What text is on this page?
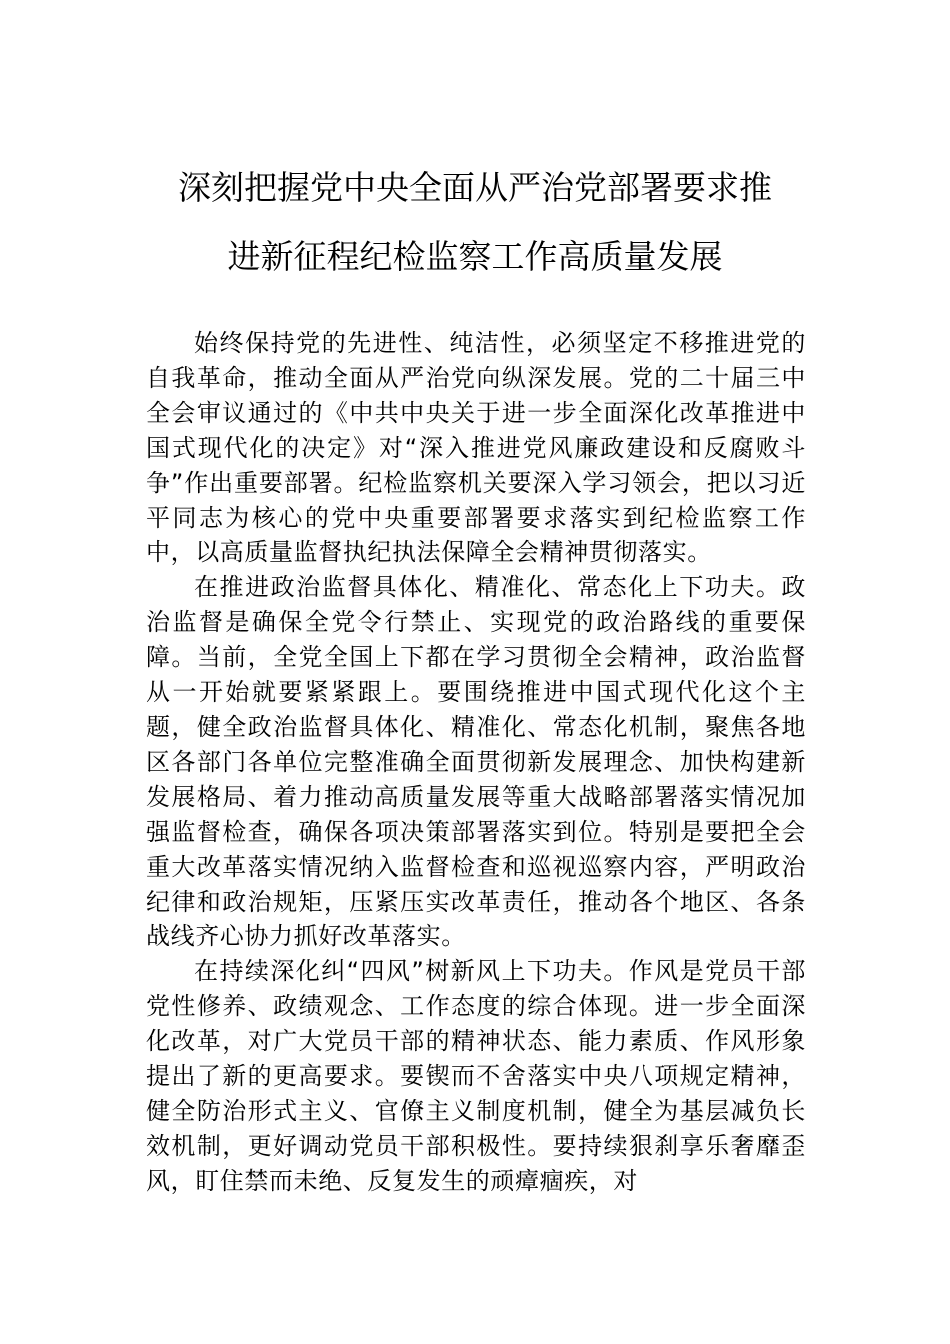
深刻把握党中央全面从严治党部署要求推
进新征程纪检监察工作高质量发展

始终保持党的先进性、纯洁性，必须坚定不移推进党的自我革命，推动全面从严治党向纵深发展。党的二十届三中全会审议通过的《中共中央关于进一步全面深化改革推进中国式现代化的决定》对“深入推进党风廉政建设和反腐败斗争”作出重要部署。纪检监察机关要深入学习领会，把以习近平同志为核心的党中央重要部署要求落实到纪检监察工作中，以高质量监督执纪执法保障全会精神贯彻落实。

在推进政治监督具体化、精准化、常态化上下功夫。政治监督是确保全党令行禁止、实现党的政治路线的重要保障。当前，全党全国上下都在学习贯彻全会精神，政治监督从一开始就要紧紧跟上。要围绕推进中国式现代化这个主题，健全政治监督具体化、精准化、常态化机制，聚焦各地区各部门各单位完整准确全面贯彻新发展理念、加快构建新发展格局、着力推动高质量发展等重大战略部署落实情况加强监督检查，确保各项决策部署落实到位。特别是要把全会重大改革落实情况纳入监督检查和巡视巡察内容，严明政治纪律和政治规矩，压紧压实改革责任，推动各个地区、各条战线齐心协力抓好改革落实。

在持续深化纠“四风”树新风上下功夫。作风是党员干部党性修养、政绩观念、工作态度的综合体现。进一步全面深化改革，对广大党员干部的精神状态、能力素质、作风形象提出了新的更高要求。要锲而不舍落实中央八项规定精神，健全防治形式主义、官僚主义制度机制，健全为基层减负长效机制，更好调动党员干部积极性。要持续狠刹享乐奢靡歪风，盯住禁而未绝、反复发生的顽瘴痼疾，对
